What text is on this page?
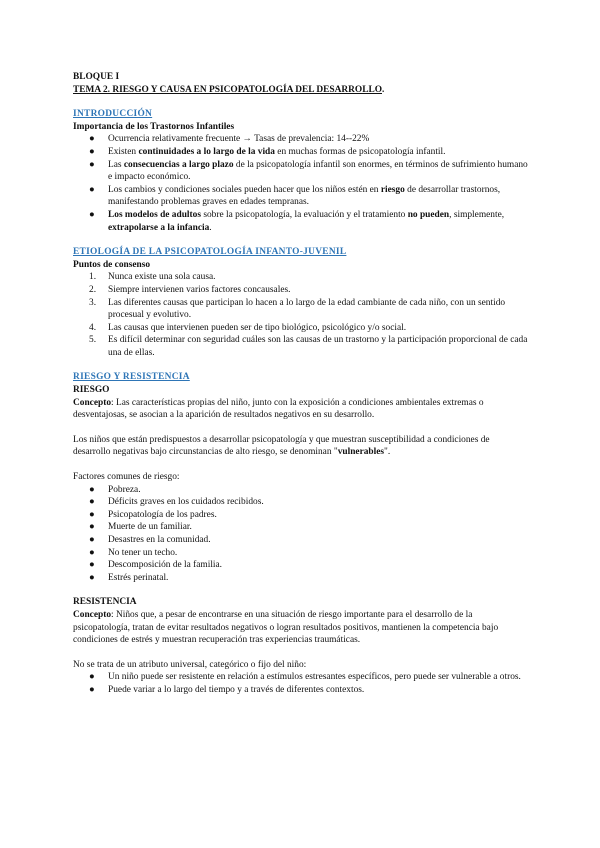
BLOQUE I

TEMA 2. RIESGO Y CAUSA EN PSICOPATOLOGÍA DEL DESARROLLO.

INTRODUCCIÓN

Importancia de los Trastornos Infantiles

● Ocurrencia relativamente frecuente → Tasas de prevalencia: 14--22%
● Existen continuidades a lo largo de la vida en muchas formas de psicopatología infantil.
● Las consecuencias a largo plazo de la psicopatología infantil son enormes, en términos de sufrimiento humano e impacto económico.
● Los cambios y condiciones sociales pueden hacer que los niños estén en riesgo de desarrollar trastornos, manifestando problemas graves en edades tempranas.
● Los modelos de adultos sobre la psicopatología, la evaluación y el tratamiento no pueden, simplemente, extrapolarse a la infancia.

ETIOLOGÍA DE LA PSICOPATOLOGÍA INFANTO-JUVENIL

Puntos de consenso

1. Nunca existe una sola causa.
2. Siempre intervienen varios factores concausales.
3. Las diferentes causas que participan lo hacen a lo largo de la edad cambiante de cada niño, con un sentido procesual y evolutivo.
4. Las causas que intervienen pueden ser de tipo biológico, psicológico y/o social.
5. Es difícil determinar con seguridad cuáles son las causas de un trastorno y la participación proporcional de cada una de ellas.

RIESGO Y RESISTENCIA

RIESGO

Concepto: Las características propias del niño, junto con la exposición a condiciones ambientales extremas o desventajosas, se asocian a la aparición de resultados negativos en su desarrollo.

Los niños que están predispuestos a desarrollar psicopatología y que muestran susceptibilidad a condiciones de desarrollo negativas bajo circunstancias de alto riesgo, se denominan "vulnerables".

Factores comunes de riesgo:

● Pobreza.
● Déficits graves en los cuidados recibidos.
● Psicopatología de los padres.
● Muerte de un familiar.
● Desastres en la comunidad.
● No tener un techo.
● Descomposición de la familia.
● Estrés perinatal.

RESISTENCIA

Concepto: Niños que, a pesar de encontrarse en una situación de riesgo importante para el desarrollo de la psicopatología, tratan de evitar resultados negativos o logran resultados positivos, mantienen la competencia bajo condiciones de estrés y muestran recuperación tras experiencias traumáticas.

No se trata de un atributo universal, categórico o fijo del niño:

● Un niño puede ser resistente en relación a estímulos estresantes específicos, pero puede ser vulnerable a otros.
● Puede variar a lo largo del tiempo y a través de diferentes contextos.
